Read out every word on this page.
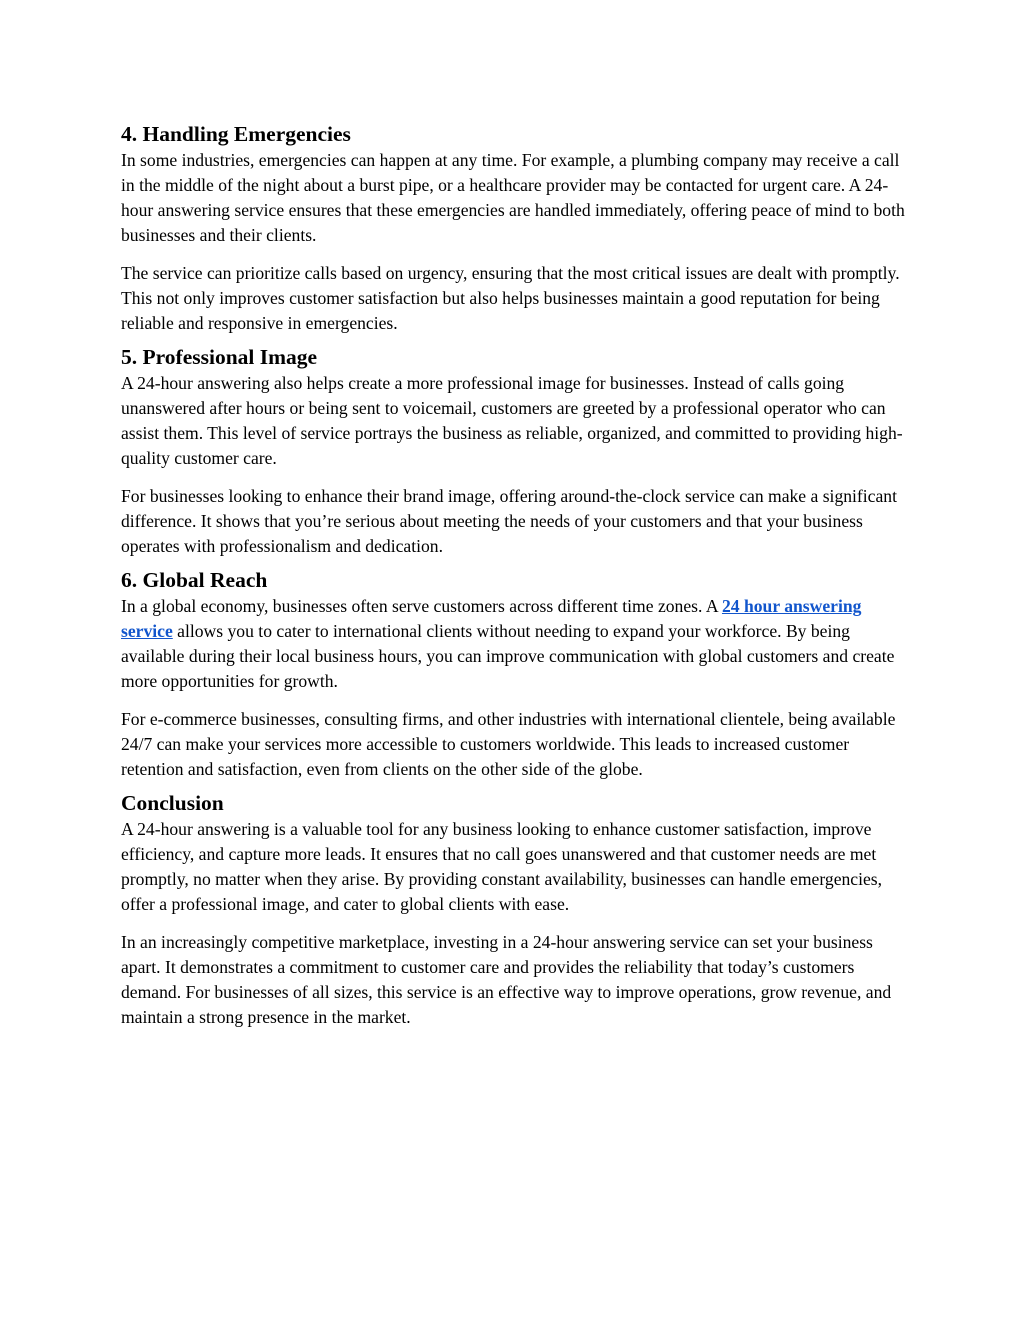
4. Handling Emergencies

In some industries, emergencies can happen at any time. For example, a plumbing company may receive a call in the middle of the night about a burst pipe, or a healthcare provider may be contacted for urgent care. A 24-hour answering service ensures that these emergencies are handled immediately, offering peace of mind to both businesses and their clients.

The service can prioritize calls based on urgency, ensuring that the most critical issues are dealt with promptly. This not only improves customer satisfaction but also helps businesses maintain a good reputation for being reliable and responsive in emergencies.

5. Professional Image

A 24-hour answering also helps create a more professional image for businesses. Instead of calls going unanswered after hours or being sent to voicemail, customers are greeted by a professional operator who can assist them. This level of service portrays the business as reliable, organized, and committed to providing high-quality customer care.

For businesses looking to enhance their brand image, offering around-the-clock service can make a significant difference. It shows that you’re serious about meeting the needs of your customers and that your business operates with professionalism and dedication.

6. Global Reach

In a global economy, businesses often serve customers across different time zones. A 24 hour answering service allows you to cater to international clients without needing to expand your workforce. By being available during their local business hours, you can improve communication with global customers and create more opportunities for growth.

For e-commerce businesses, consulting firms, and other industries with international clientele, being available 24/7 can make your services more accessible to customers worldwide. This leads to increased customer retention and satisfaction, even from clients on the other side of the globe.

Conclusion

A 24-hour answering is a valuable tool for any business looking to enhance customer satisfaction, improve efficiency, and capture more leads. It ensures that no call goes unanswered and that customer needs are met promptly, no matter when they arise. By providing constant availability, businesses can handle emergencies, offer a professional image, and cater to global clients with ease.

In an increasingly competitive marketplace, investing in a 24-hour answering service can set your business apart. It demonstrates a commitment to customer care and provides the reliability that today’s customers demand. For businesses of all sizes, this service is an effective way to improve operations, grow revenue, and maintain a strong presence in the market.
